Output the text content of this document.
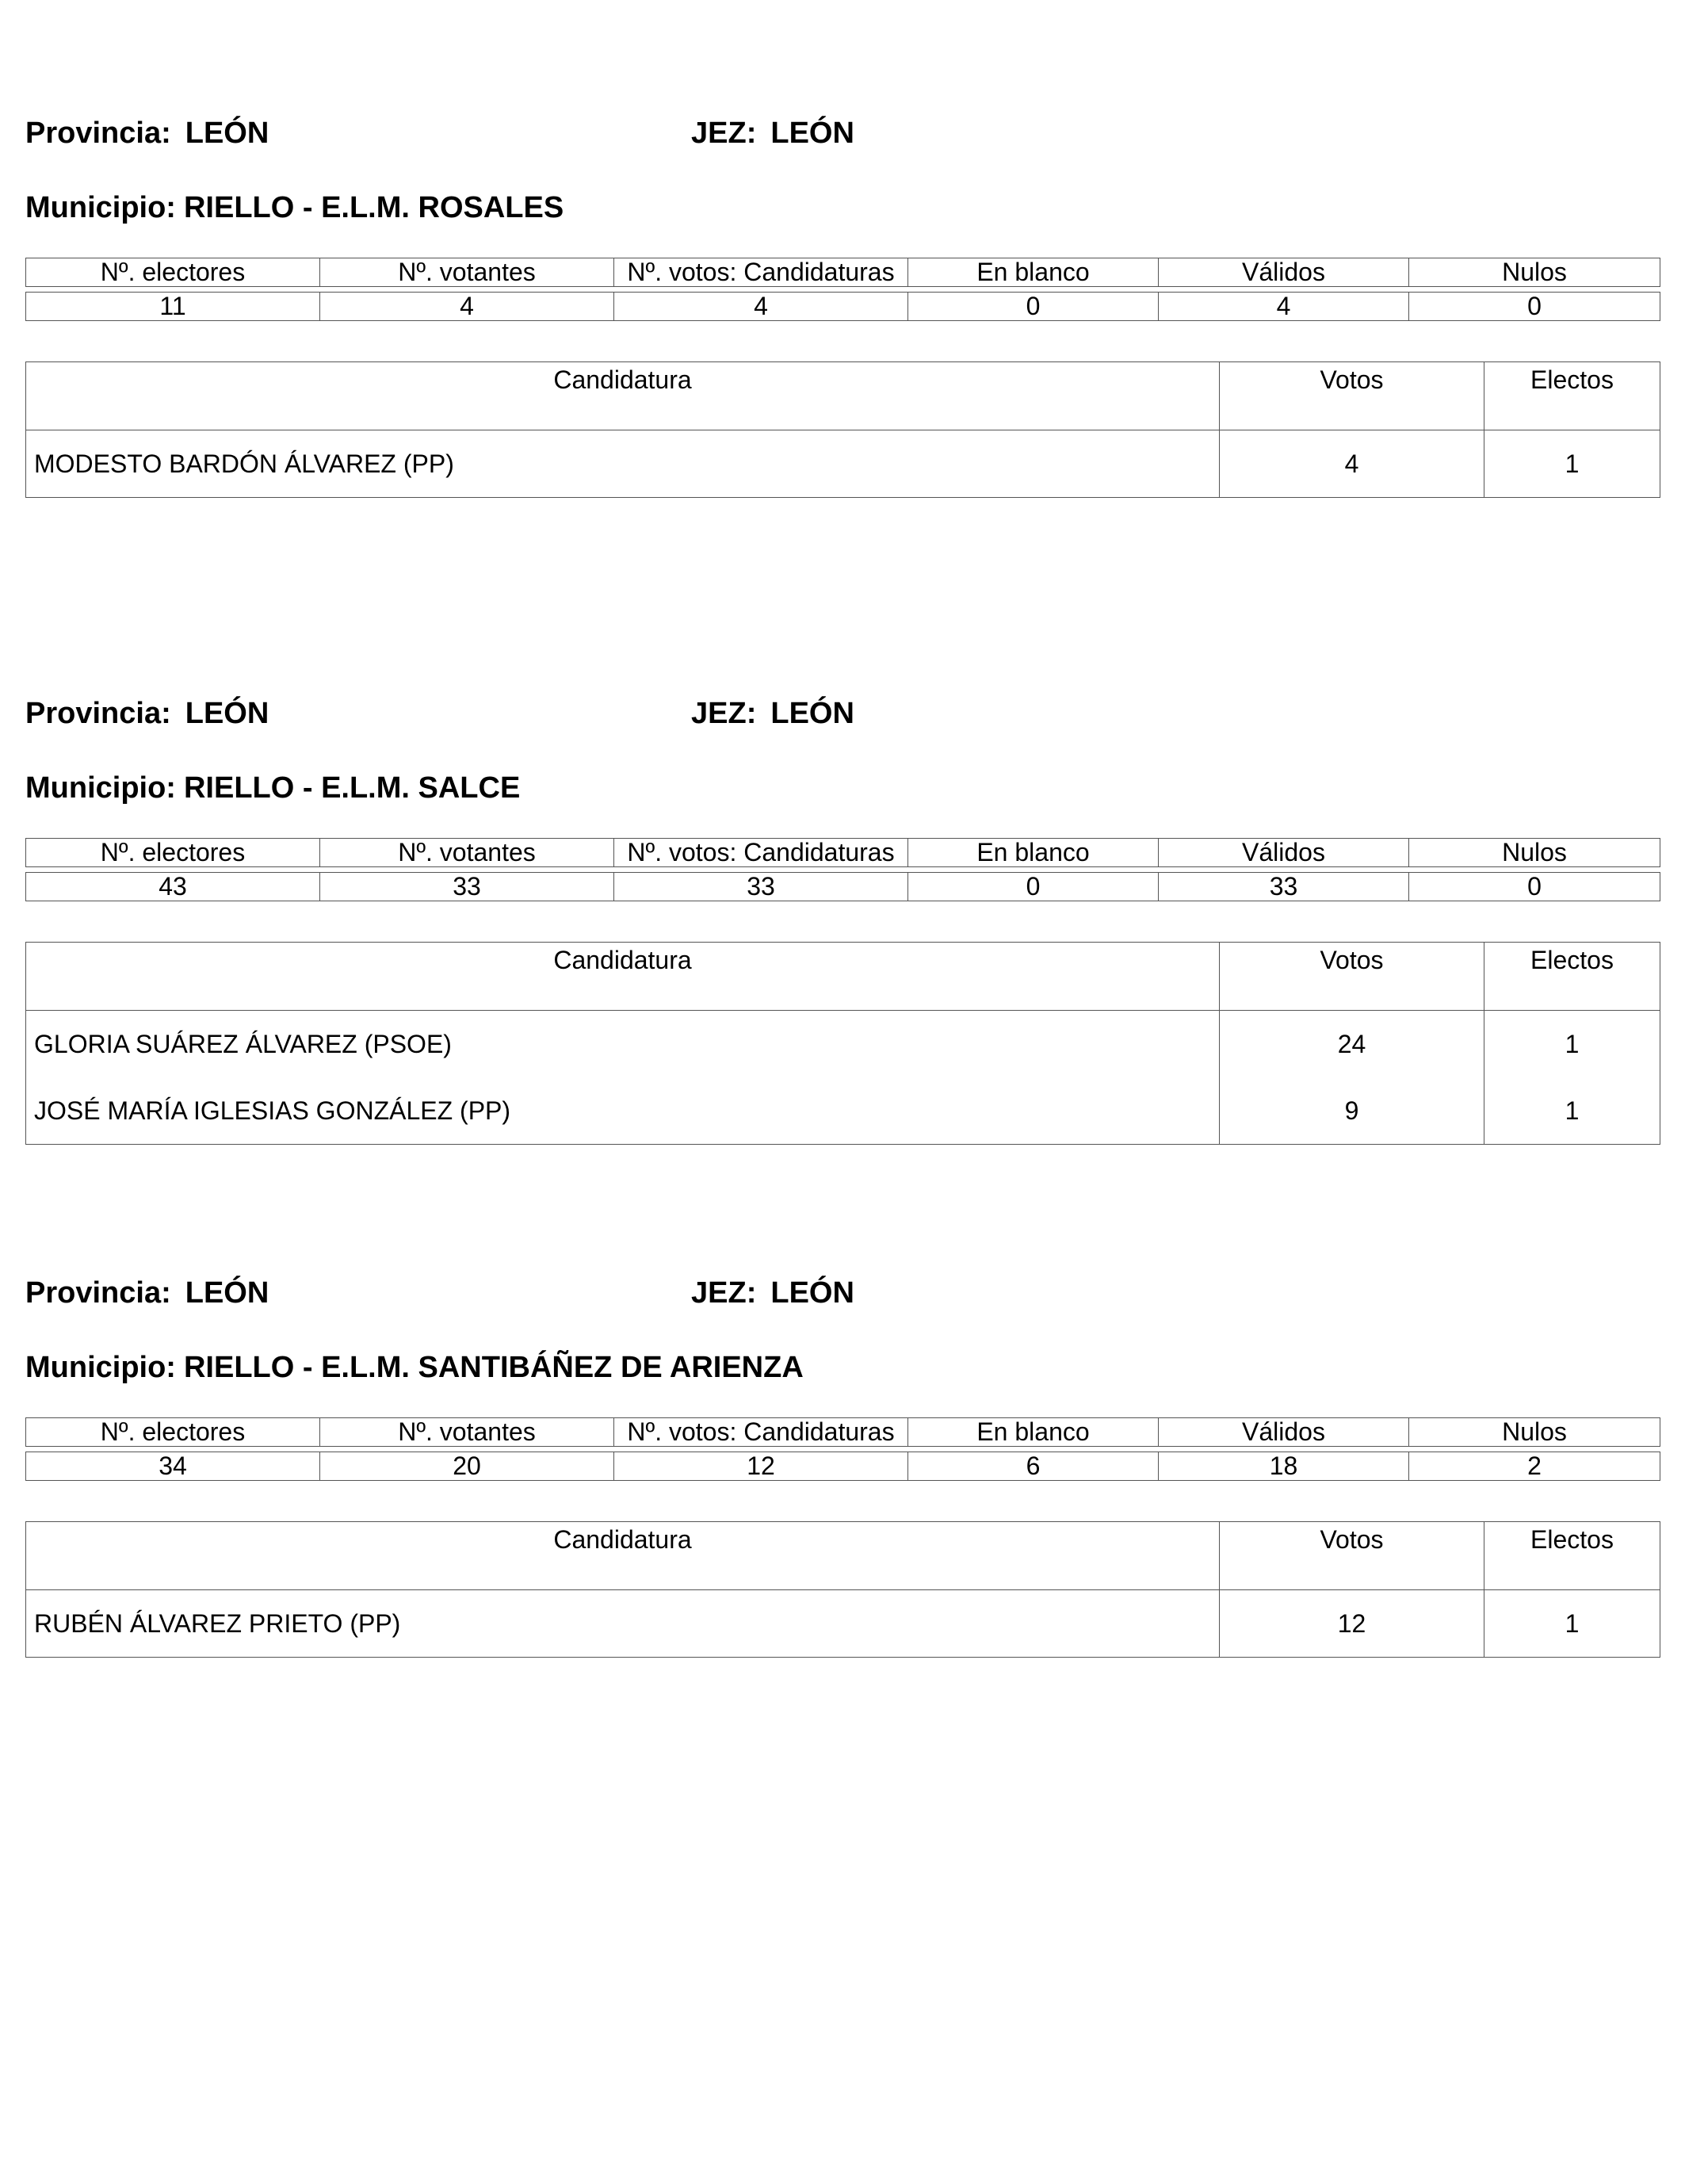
Provincia: LEÓN	JEZ: LEÓN
Municipio: RIELLO - E.L.M. ROSALES
Nº. electores	Nº. votantes	Nº. votos: Candidaturas	En blanco	Válidos	Nulos

11	4	4	0	4	0
Candidatura	Votos	Electos
MODESTO BARDÓN ÁLVAREZ (PP)	4	1
Provincia: LEÓN	JEZ: LEÓN
Municipio: RIELLO - E.L.M. SALCE
Nº. electores	Nº. votantes	Nº. votos: Candidaturas	En blanco	Válidos	Nulos

43	33	33	0	33	0
Candidatura	Votos	Electos
GLORIA SUÁREZ ÁLVAREZ (PSOE)	24	1
JOSÉ MARÍA IGLESIAS GONZÁLEZ (PP)	9	1
Provincia: LEÓN	JEZ: LEÓN
Municipio: RIELLO - E.L.M. SANTIBÁÑEZ DE ARIENZA
Nº. electores	Nº. votantes	Nº. votos: Candidaturas	En blanco	Válidos	Nulos

34	20	12	6	18	2
Candidatura	Votos	Electos
RUBÉN ÁLVAREZ PRIETO (PP)	12	1
